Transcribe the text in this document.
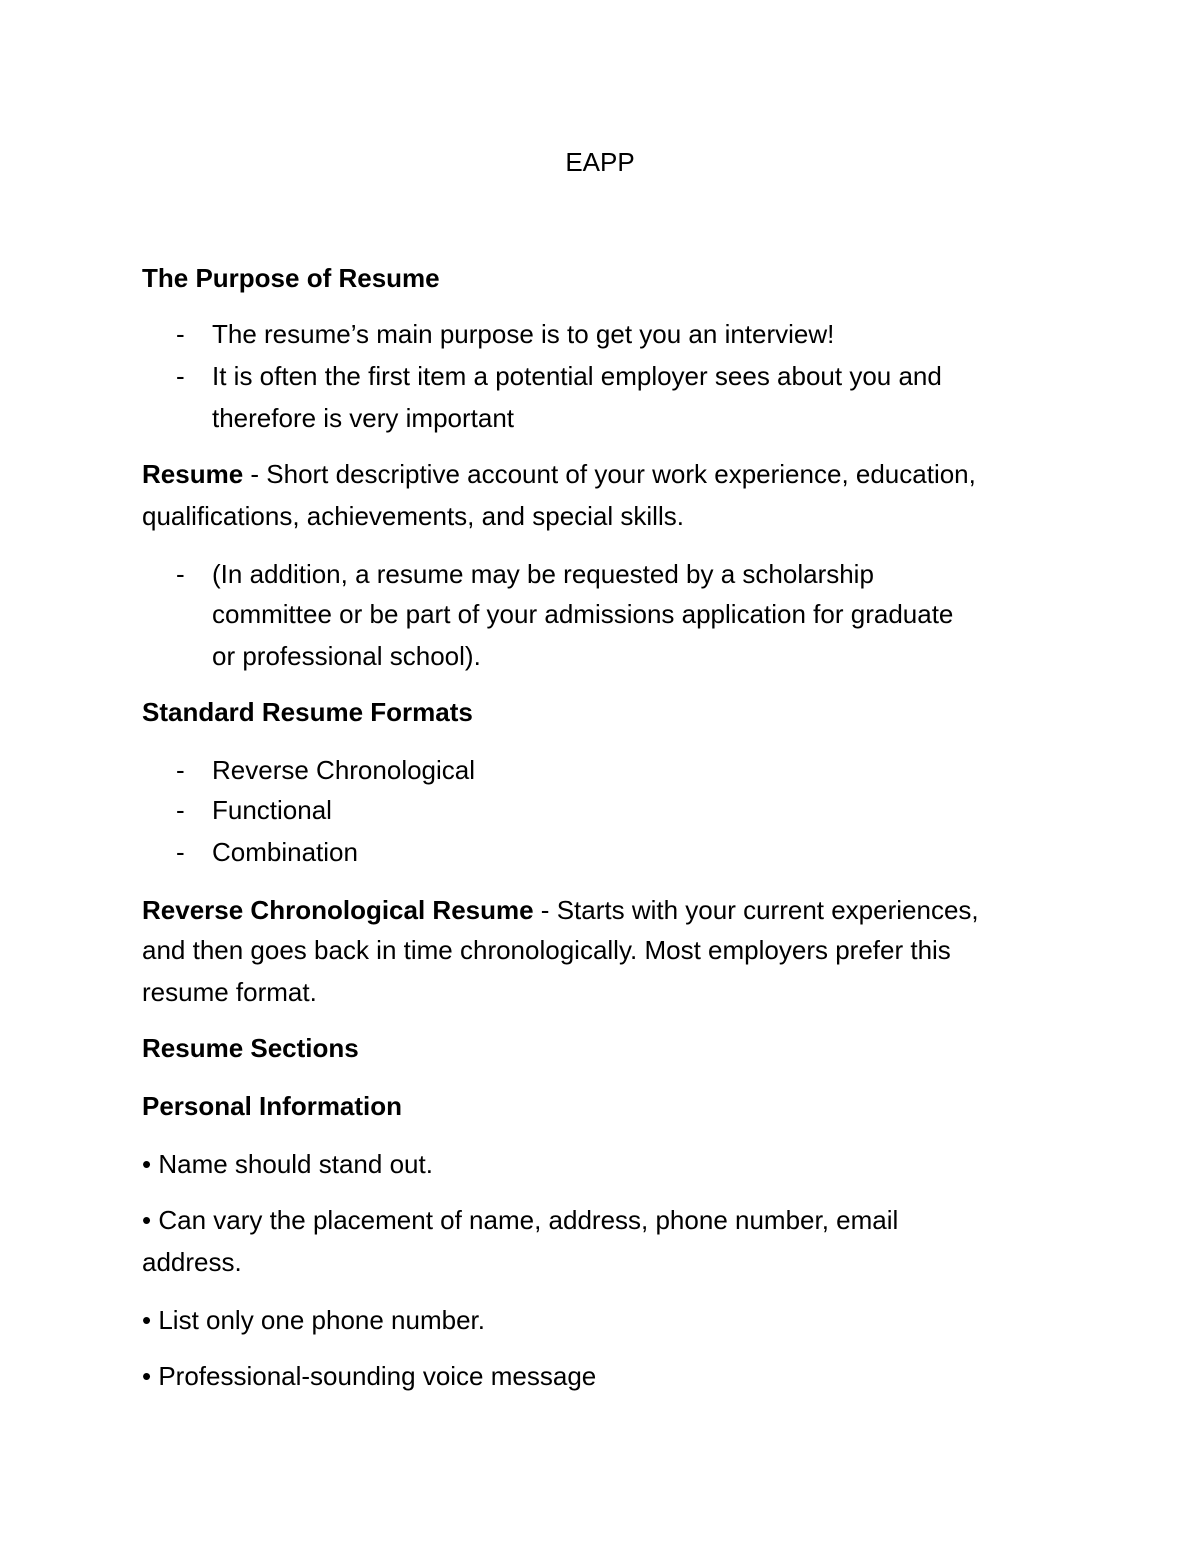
EAPP
The Purpose of Resume
- The resume’s main purpose is to get you an interview!
- It is often the first item a potential employer sees about you and
therefore is very important
Resume - Short descriptive account of your work experience, education,
qualifications, achievements, and special skills.
- (In addition, a resume may be requested by a scholarship
committee or be part of your admissions application for graduate
or professional school).
Standard Resume Formats
- Reverse Chronological
- Functional
- Combination
Reverse Chronological Resume - Starts with your current experiences,
and then goes back in time chronologically. Most employers prefer this
resume format.
Resume Sections
Personal Information
• Name should stand out.
• Can vary the placement of name, address, phone number, email
address.
• List only one phone number.
• Professional-sounding voice message
